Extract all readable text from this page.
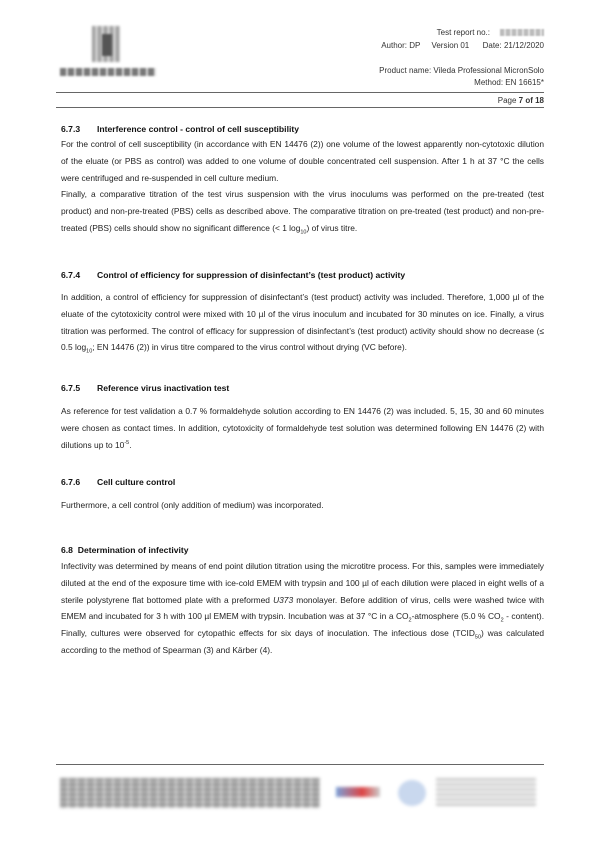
Test report no.:
Author: DP Version 01 Date: 21/12/2020
Product name: Vileda Professional MicronSolo
Method: EN 16615*
Page 7 of 18
6.7.3 Interference control - control of cell susceptibility

For the control of cell susceptibility (in accordance with EN 14476 (2)) one volume of the lowest apparently non-cytotoxic dilution of the eluate (or PBS as control) was added to one volume of double concentrated cell suspension. After 1 h at 37 °C the cells were centrifuged and re-suspended in cell culture medium.

Finally, a comparative titration of the test virus suspension with the virus inoculums was performed on the pre-treated (test product) and non-pre-treated (PBS) cells as described above. The comparative titration on pre-treated (test product) and non-pre-treated (PBS) cells should show no significant difference (< 1 $\log_{10}$) of virus titre.

6.7.4 Control of efficiency for suppression of disinfectant’s (test product) activity

In addition, a control of efficiency for suppression of disinfectant’s (test product) activity was included. Therefore, 1,000 µl of the eluate of the cytotoxicity control were mixed with 10 µl of the virus inoculum and incubated for 30 minutes on ice. Finally, a virus titration was performed. The control of efficacy for suppression of disinfectant’s (test product) activity should show no decrease (≤ 0.5 $\log_{10}$; EN 14476 (2)) in virus titre compared to the virus control without drying (VC before).

6.7.5 Reference virus inactivation test

As reference for test validation a 0.7 % formaldehyde solution according to EN 14476 (2) was included. 5, 15, 30 and 60 minutes were chosen as contact times. In addition, cytotoxicity of formaldehyde test solution was determined following EN 14476 (2) with dilutions up to $10^{-5}$.

6.7.6 Cell culture control

Furthermore, a cell control (only addition of medium) was incorporated.

6.8 Determination of infectivity

Infectivity was determined by means of end point dilution titration using the microtitre process. For this, samples were immediately diluted at the end of the exposure time with ice-cold EMEM with trypsin and 100 µl of each dilution were placed in eight wells of a sterile polystyrene flat bottomed plate with a preformed U373 monolayer. Before addition of virus, cells were washed twice with EMEM and incubated for 3 h with 100 µl EMEM with trypsin. Incubation was at 37 °C in a $CO_2$-atmosphere (5.0 % $CO_2$ - content). Finally, cultures were observed for cytopathic effects for six days of inoculation. The infectious dose $(TCID_{50})$ was calculated according to the method of Spearman (3) and Kärber (4).
